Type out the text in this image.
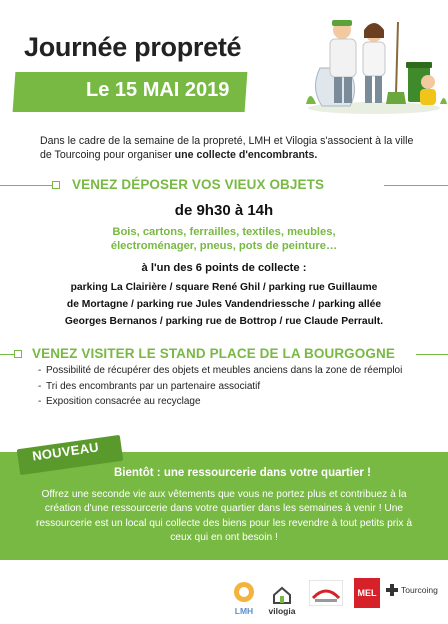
Journée propreté
Le 15 MAI 2019
Dans le cadre de la semaine de la propreté, LMH et Vilogia s'associent à la ville de Tourcoing pour organiser une collecte d'encombrants.
VENEZ DÉPOSER VOS VIEUX OBJETS
de 9h30 à 14h
Bois, cartons, ferrailles, textiles, meubles,
électroménager, pneus, pots de peinture…
à l'un des 6 points de collecte :
parking La Clairière / square René Ghil / parking rue Guillaume
de Mortagne / parking rue Jules Vandendriessche / parking allée
Georges Bernanos / parking rue de Bottrop / rue Claude Perrault.
VENEZ VISITER LE STAND PLACE DE LA BOURGOGNE
- Possibilité de récupérer des objets et meubles anciens dans la zone de réemploi
- Tri des encombrants par un partenaire associatif
- Exposition consacrée au recyclage
NOUVEAU
Bientôt : une ressourcerie dans votre quartier !
Offrez une seconde vie aux vêtements que vous ne portez plus et contribuez à la création d'une ressourcerie dans votre quartier dans les semaines à venir ! Une ressourcerie est un local qui collecte des biens pour les revendre à tout petits prix à ceux qui en ont besoin !
LMH vilogia
MEL	Tourcoing
